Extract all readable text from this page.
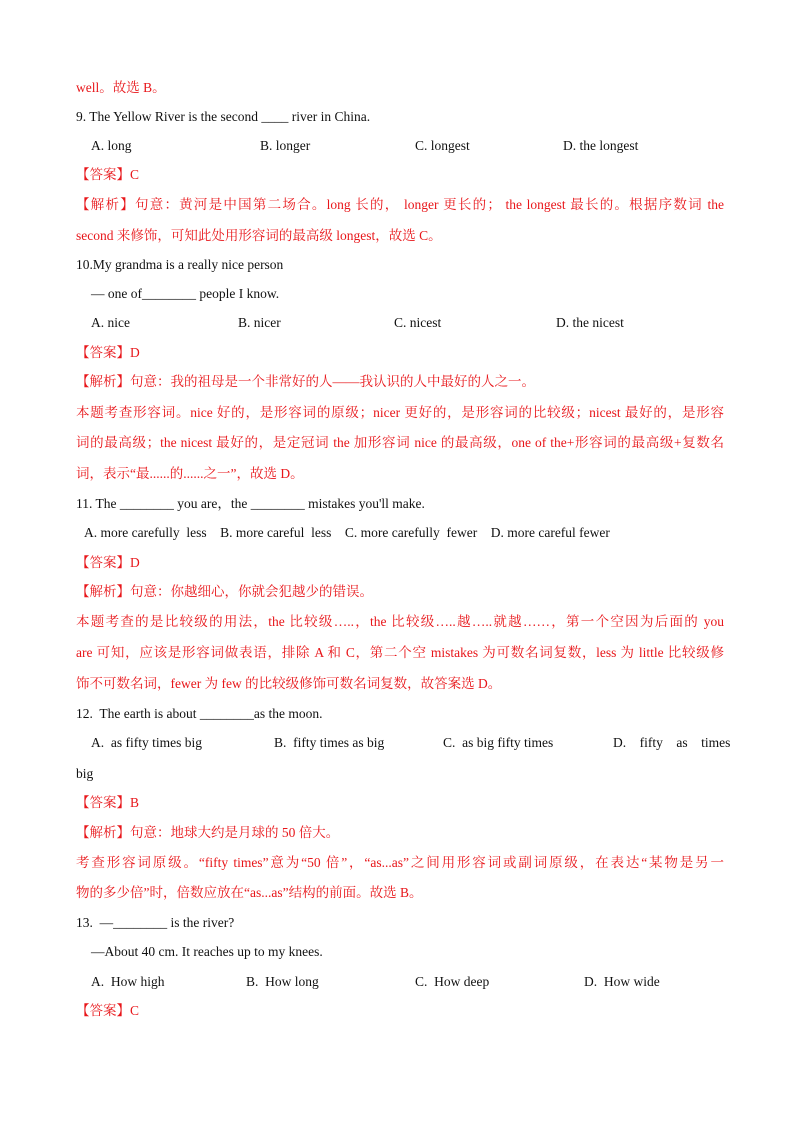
well。故选 B。

9. The Yellow River is the second ____ river in China.

A. long	B. longer	C. longest	D. the longest

【答案】C

【解析】句意：黄河是中国第二场合。long 长的， longer 更长的； the longest 最长的。根据序数词 the

second 来修饰，可知此处用形容词的最高级 longest，故选 C。

10.My grandma is a really nice person

— one of________ people I know.

A. nice	B. nicer	C. nicest	D. the nicest

【答案】D

【解析】句意：我的祖母是一个非常好的人——我认识的人中最好的人之一。

本题考查形容词。nice 好的，是形容词的原级；nicer 更好的，是形容词的比较级；nicest 最好的，是形容

词的最高级；the nicest 最好的，是定冠词 the 加形容词 nice 的最高级，one of the+形容词的最高级+复数名

词，表示“最......的......之一”，故选 D。

11. The ________ you are，the ________ mistakes you'll make.

A. more carefully  less    B. more careful  less    C. more carefully  fewer    D. more careful fewer

【答案】D

【解析】句意：你越细心，你就会犯越少的错误。

本题考查的是比较级的用法，the 比较级…..，the 比较级…..越…..就越……，第一个空因为后面的 you

are 可知，应该是形容词做表语，排除 A 和 C，第二个空 mistakes 为可数名词复数，less 为 little 比较级修

饰不可数名词，fewer 为 few 的比较级修饰可数名词复数，故答案选 D。

12.  The earth is about ________as the moon.

A.  as fifty times big	B.  fifty times as big	C.  as big fifty times	D.    fifty    as    times

big

【答案】B

【解析】句意：地球大约是月球的 50 倍大。

考查形容词原级。“fifty times”意为“50 倍”，“as...as”之间用形容词或副词原级，在表达“某物是另一

物的多少倍”时，倍数应放在“as...as”结构的前面。故选 B。

13.  —________ is the river?

—About 40 cm. It reaches up to my knees.

A.  How high	B.  How long	C.  How deep	D.  How wide

【答案】C
